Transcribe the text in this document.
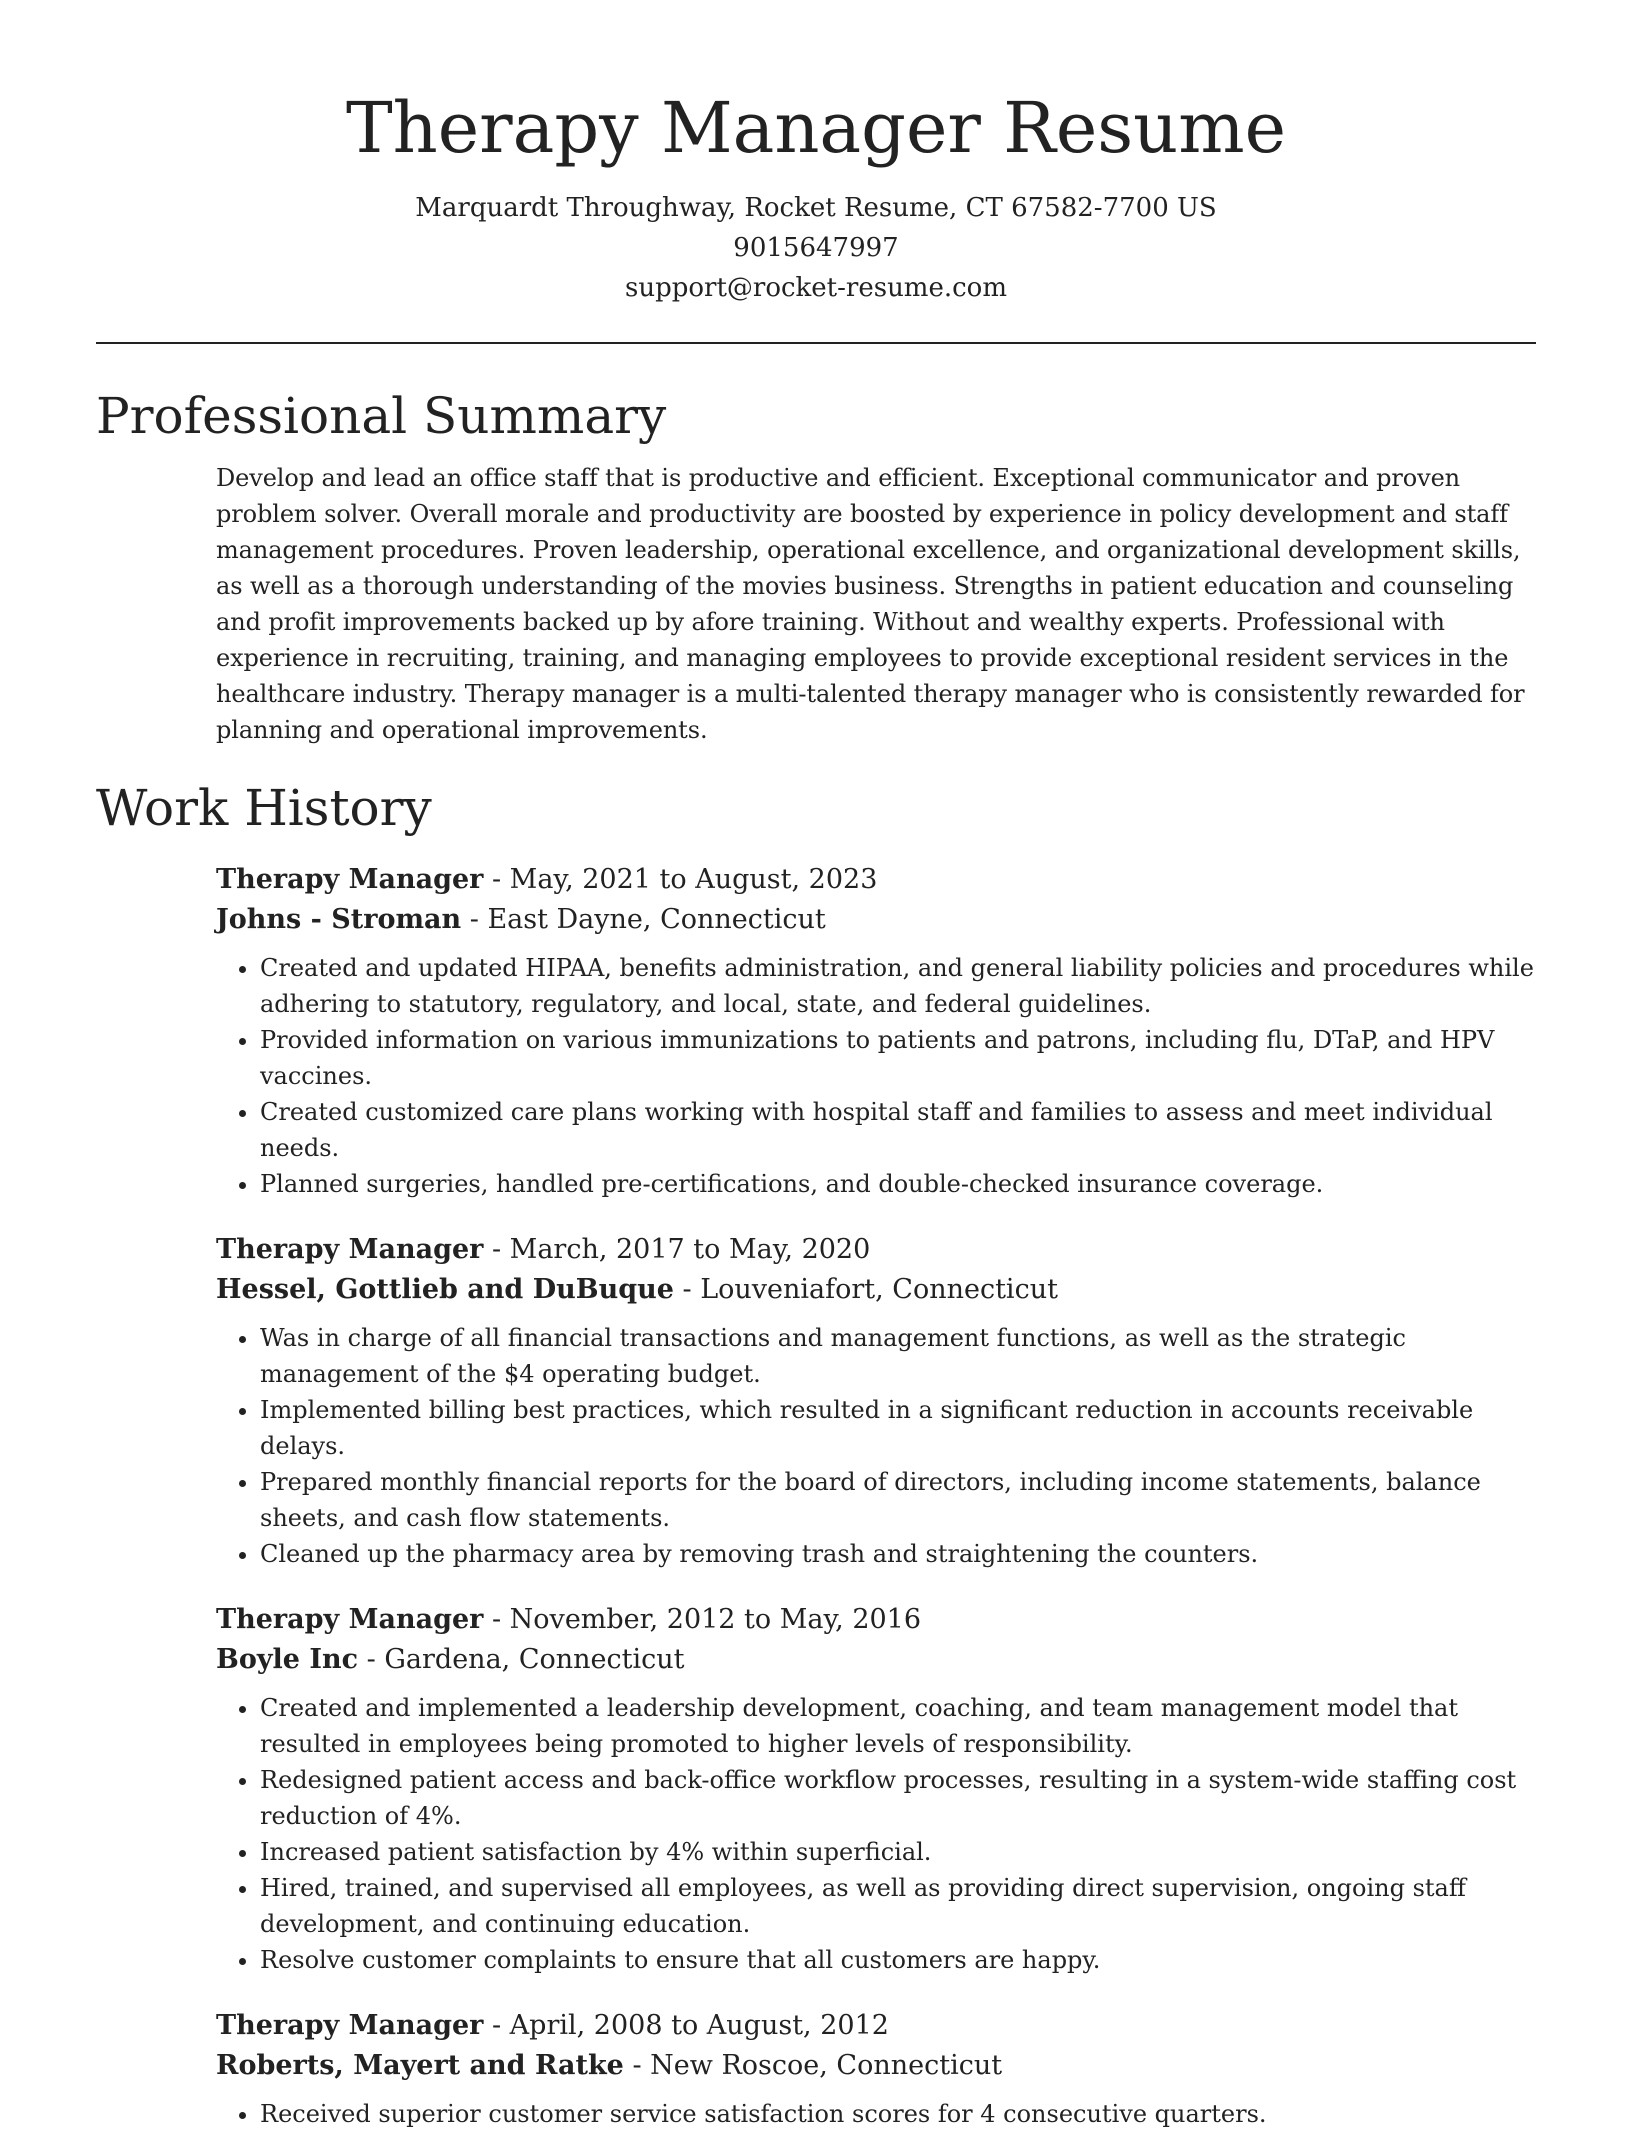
Therapy Manager Resume

Marquardt Throughway, Rocket Resume, CT 67582-7700 US

9015647997

support@rocket-resume.com

Professional Summary

Develop and lead an office staff that is productive and efficient. Exceptional communicator and proven problem solver. Overall morale and productivity are boosted by experience in policy development and staff management procedures. Proven leadership, operational excellence, and organizational development skills, as well as a thorough understanding of the movies business. Strengths in patient education and counseling and profit improvements backed up by afore training. Without and wealthy experts. Professional with experience in recruiting, training, and managing employees to provide exceptional resident services in the healthcare industry. Therapy manager is a multi-talented therapy manager who is consistently rewarded for planning and operational improvements.

Work History

Therapy Manager - May, 2021 to August, 2023

Johns - Stroman - East Dayne, Connecticut

• Created and updated HIPAA, benefits administration, and general liability policies and procedures while adhering to statutory, regulatory, and local, state, and federal guidelines.
• Provided information on various immunizations to patients and patrons, including flu, DTaP, and HPV vaccines.
• Created customized care plans working with hospital staff and families to assess and meet individual needs.
• Planned surgeries, handled pre-certifications, and double-checked insurance coverage.

Therapy Manager - March, 2017 to May, 2020

Hessel, Gottlieb and DuBuque - Louveniafort, Connecticut

• Was in charge of all financial transactions and management functions, as well as the strategic management of the $4 operating budget.
• Implemented billing best practices, which resulted in a significant reduction in accounts receivable delays.
• Prepared monthly financial reports for the board of directors, including income statements, balance sheets, and cash flow statements.
• Cleaned up the pharmacy area by removing trash and straightening the counters.

Therapy Manager - November, 2012 to May, 2016

Boyle Inc - Gardena, Connecticut

• Created and implemented a leadership development, coaching, and team management model that resulted in employees being promoted to higher levels of responsibility.
• Redesigned patient access and back-office workflow processes, resulting in a system-wide staffing cost reduction of 4%.
• Increased patient satisfaction by 4% within superficial.
• Hired, trained, and supervised all employees, as well as providing direct supervision, ongoing staff development, and continuing education.
• Resolve customer complaints to ensure that all customers are happy.

Therapy Manager - April, 2008 to August, 2012

Roberts, Mayert and Ratke - New Roscoe, Connecticut

• Received superior customer service satisfaction scores for 4 consecutive quarters.
